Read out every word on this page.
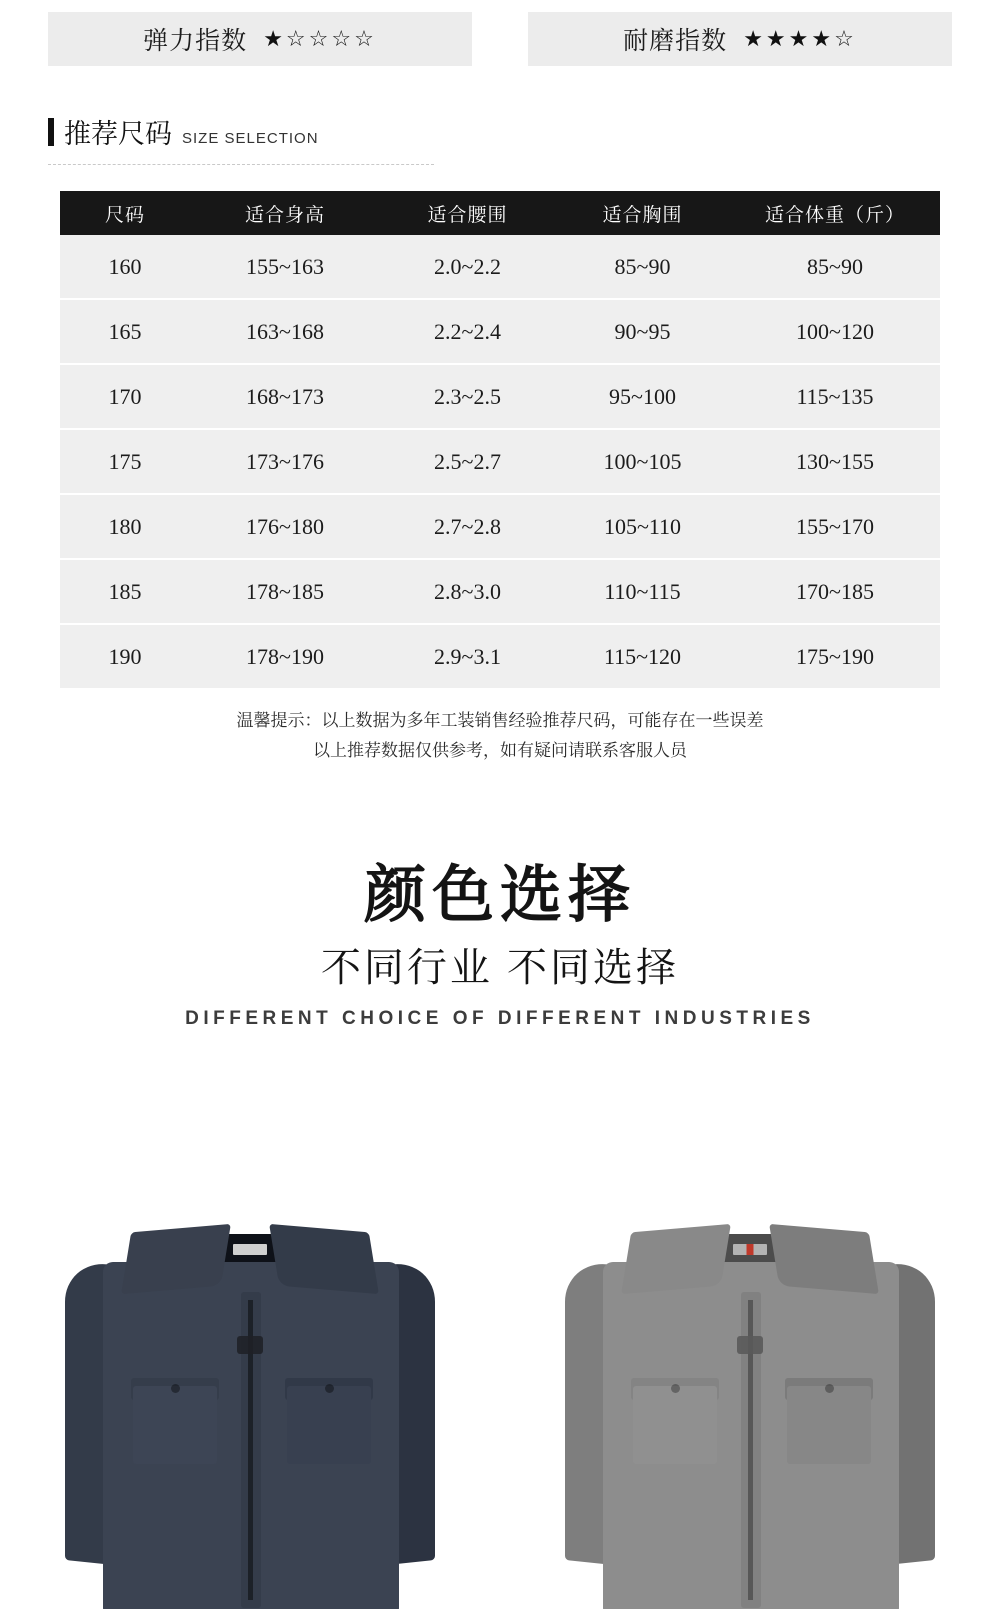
弹力指数 ★☆☆☆☆	耐磨指数 ★★★★☆
推荐尺码 SIZE SELECTION
尺码	适合身高	适合腰围	适合胸围	适合体重（斤）
160	155~163	2.0~2.2	85~90	85~90
165	163~168	2.2~2.4	90~95	100~120
170	168~173	2.3~2.5	95~100	115~135
175	173~176	2.5~2.7	100~105	130~155
180	176~180	2.7~2.8	105~110	155~170
185	178~185	2.8~3.0	110~115	170~185
190	178~190	2.9~3.1	115~120	175~190
温馨提示：以上数据为多年工装销售经验推荐尺码，可能存在一些误差
以上推荐数据仅供参考，如有疑问请联系客服人员
颜色选择
不同行业 不同选择
DIFFERENT CHOICE OF DIFFERENT INDUSTRIES
